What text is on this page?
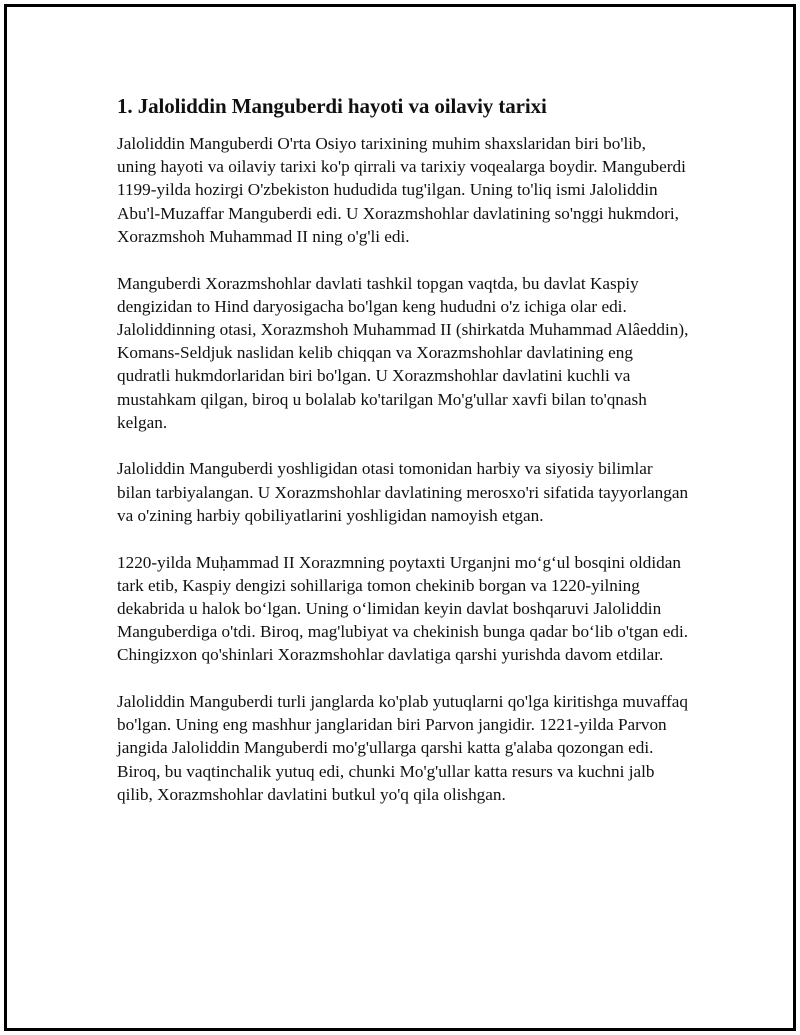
1. Jaloliddin Manguberdi hayoti va oilaviy tarixi

Jaloliddin Manguberdi O'rta Osiyo tarixining muhim shaxslaridan biri bo'lib, uning hayoti va oilaviy tarixi ko'p qirrali va tarixiy voqealarga boydir. Manguberdi 1199-yilda hozirgi O'zbekiston hududida tug'ilgan. Uning to'liq ismi Jaloliddin Abu'l-Muzaffar Manguberdi edi. U Xorazmshohlar davlatining so'nggi hukmdori, Xorazmshoh Muhammad II ning o'g'li edi.

Manguberdi Xorazmshohlar davlati tashkil topgan vaqtda, bu davlat Kaspiy dengizidan to Hind daryosigacha bo'lgan keng hududni o'z ichiga olar edi. Jaloliddinning otasi, Xorazmshoh Muhammad II (shirkatda Muhammad Alâeddin), Komans-Seldjuk naslidan kelib chiqqan va Xorazmshohlar davlatining eng qudratli hukmdorlaridan biri bo'lgan. U Xorazmshohlar davlatini kuchli va mustahkam qilgan, biroq u bolalab ko'tarilgan Mo'g'ullar xavfi bilan to'qnash kelgan.

Jaloliddin Manguberdi yoshligidan otasi tomonidan harbiy va siyosiy bilimlar bilan tarbiyalangan. U Xorazmshohlar davlatining merosxo'ri sifatida tayyorlangan va o'zining harbiy qobiliyatlarini yoshligidan namoyish etgan.

1220-yilda Muḥammad II Xorazmning poytaxti Urganjni moʻgʻul bosqini oldidan tark etib, Kaspiy dengizi sohillariga tomon chekinib borgan va 1220-yilning dekabrida u halok boʻlgan. Uning oʻlimidan keyin davlat boshqaruvi Jaloliddin Manguberdiga o'tdi. Biroq, mag'lubiyat va chekinish bunga qadar boʻlib o'tgan edi. Chingizxon qo'shinlari Xorazmshohlar davlatiga qarshi yurishda davom etdilar.

Jaloliddin Manguberdi turli janglarda ko'plab yutuqlarni qo'lga kiritishga muvaffaq bo'lgan. Uning eng mashhur janglaridan biri Parvon jangidir. 1221-yilda Parvon jangida Jaloliddin Manguberdi mo'g'ullarga qarshi katta g'alaba qozongan edi. Biroq, bu vaqtinchalik yutuq edi, chunki Mo'g'ullar katta resurs va kuchni jalb qilib, Xorazmshohlar davlatini butkul yo'q qila olishgan.
